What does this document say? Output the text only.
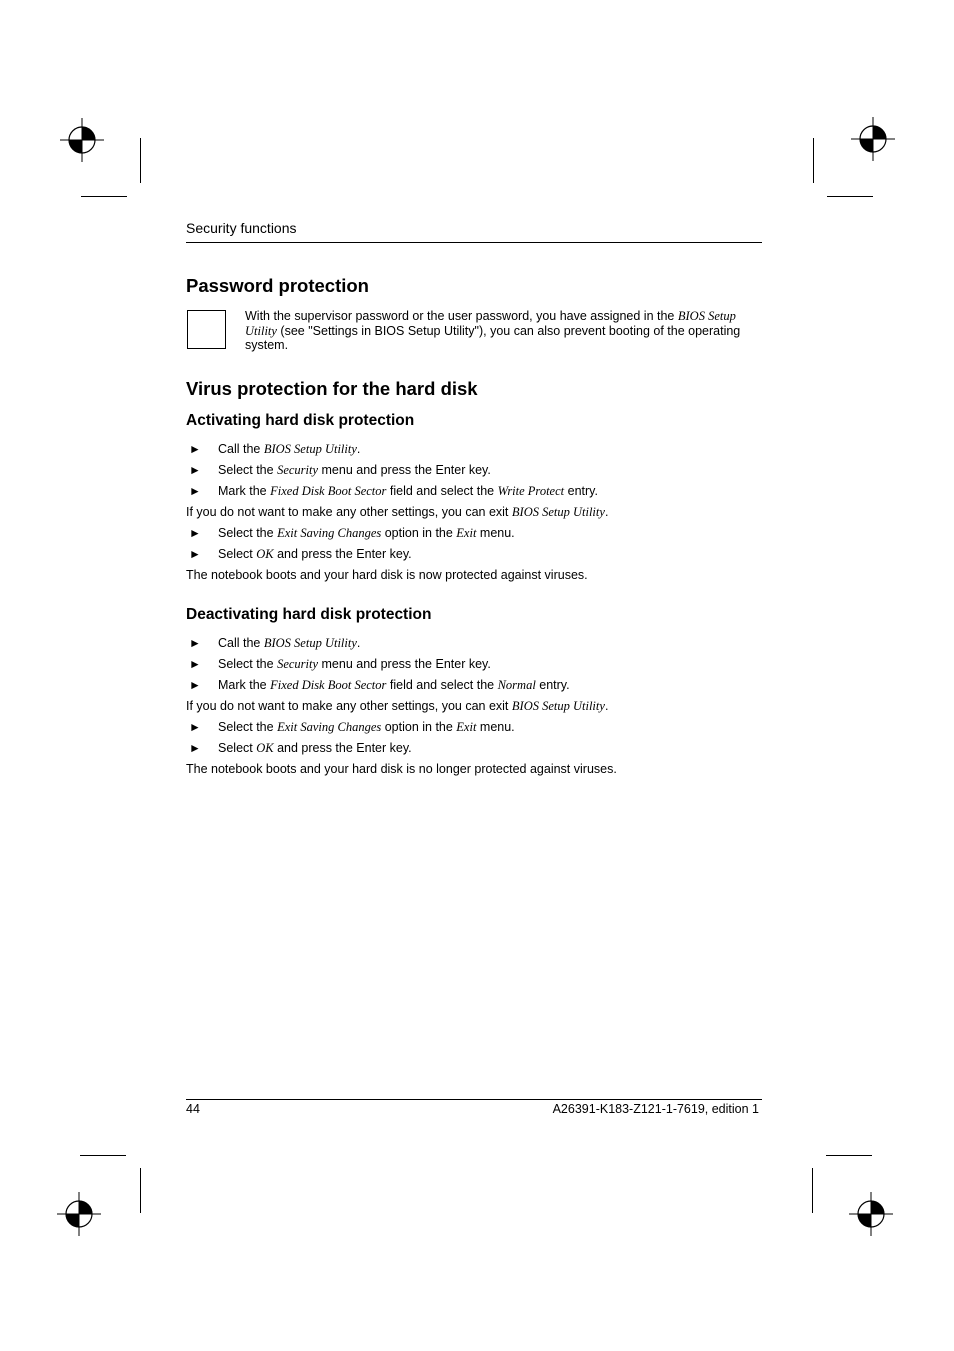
Security functions
Password protection
With the supervisor password or the user password, you have assigned in the BIOS Setup Utility (see "Settings in BIOS Setup Utility"), you can also prevent booting of the operating system.
Virus protection for the hard disk
Activating hard disk protection
► Call the BIOS Setup Utility.
► Select the Security menu and press the Enter key.
► Mark the Fixed Disk Boot Sector field and select the Write Protect entry.
If you do not want to make any other settings, you can exit BIOS Setup Utility.
► Select the Exit Saving Changes option in the Exit menu.
► Select OK and press the Enter key.
The notebook boots and your hard disk is now protected against viruses.
Deactivating hard disk protection
► Call the BIOS Setup Utility.
► Select the Security menu and press the Enter key.
► Mark the Fixed Disk Boot Sector field and select the Normal entry.
If you do not want to make any other settings, you can exit BIOS Setup Utility.
► Select the Exit Saving Changes option in the Exit menu.
► Select OK and press the Enter key.
The notebook boots and your hard disk is no longer protected against viruses.
44	A26391-K183-Z121-1-7619, edition 1
